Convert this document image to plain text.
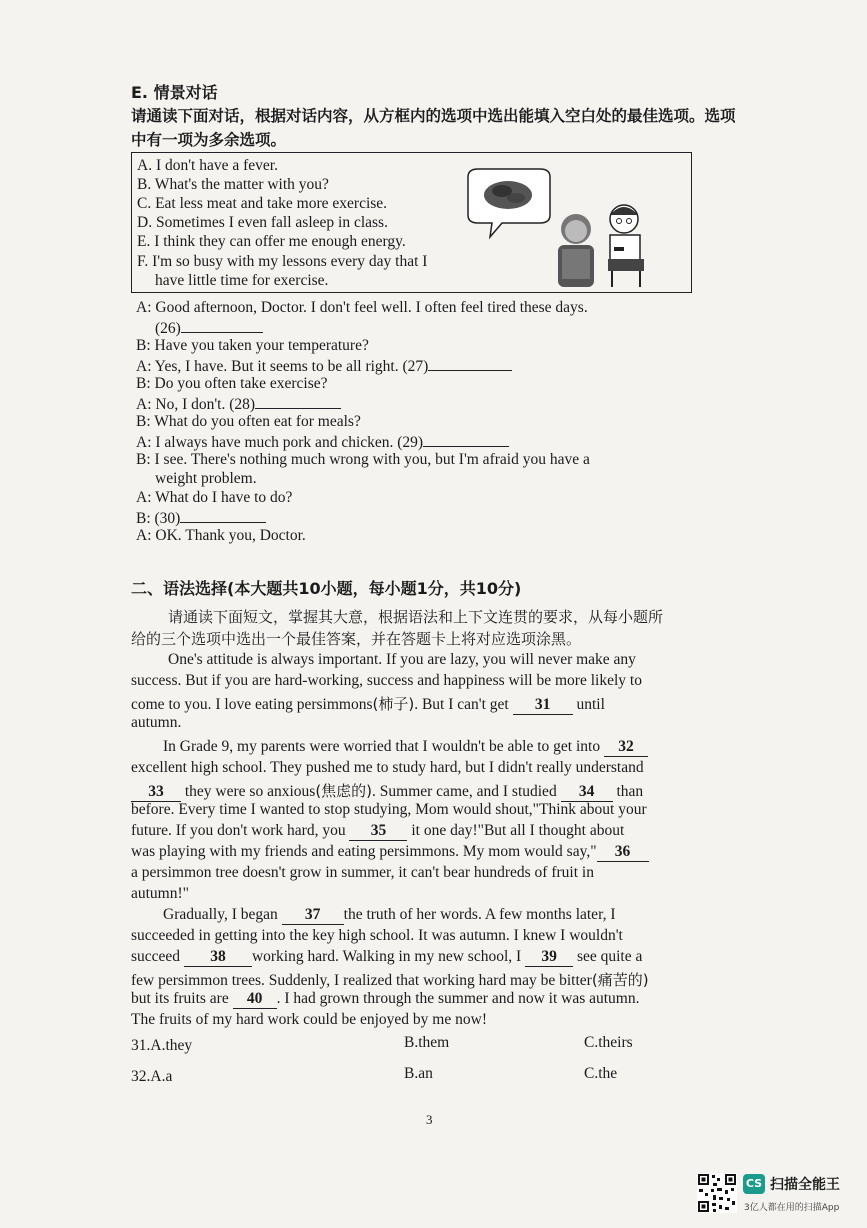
E. 情景对话
请通读下面对话，根据对话内容，从方框内的选项中选出能填入空白处的最佳选项。选项中有一项为多余选项。
A. I don't have a fever.
B. What's the matter with you?
C. Eat less meat and take more exercise.
D. Sometimes I even fall asleep in class.
E. I think they can offer me enough energy.
F. I'm so busy with my lessons every day that I
have little time for exercise.
A: Good afternoon, Doctor. I don't feel well. I often feel tired these days.
(26)
B: Have you taken your temperature?
A: Yes, I have. But it seems to be all right. (27)
B: Do you often take exercise?
A: No, I don't. (28)
B: What do you often eat for meals?
A: I always have much pork and chicken. (29)
B: I see. There's nothing much wrong with you, but I'm afraid you have a
weight problem.
A: What do I have to do?
B: (30)
A: OK. Thank you, Doctor.
二、语法选择(本大题共10小题，每小题1分，共10分)
请通读下面短文，掌握其大意，根据语法和上下文连贯的要求，从每小题所
给的三个选项中选出一个最佳答案，并在答题卡上将对应选项涂黑。
One's attitude is always important. If you are lazy, you will never make any
success. But if you are hard-working, success and happiness will be more likely to
come to you. I love eating persimmons(柿子). But I can't get 31 until
autumn.
In Grade 9, my parents were worried that I wouldn't be able to get into 32
excellent high school. They pushed me to study hard, but I didn't really understand
33 they were so anxious(焦虑的). Summer came, and I studied 34 than
before. Every time I wanted to stop studying, Mom would shout,"Think about your
future. If you don't work hard, you 35 it one day!"But all I thought about
was playing with my friends and eating persimmons. My mom would say," 36
a persimmon tree doesn't grow in summer, it can't bear hundreds of fruit in
autumn!"
Gradually, I began 37 the truth of her words. A few months later, I
succeeded in getting into the key high school. It was autumn. I knew I wouldn't
succeed 38 working hard. Walking in my new school, I 39 see quite a
few persimmon trees. Suddenly, I realized that working hard may be bitter(痛苦的)
but its fruits are 40 . I had grown through the summer and now it was autumn.
The fruits of my hard work could be enjoyed by me now!
31.A.they	B.them	C.theirs
32.A.a	B.an	C.the
3
CS 扫描全能王
3亿人都在用的扫描App
